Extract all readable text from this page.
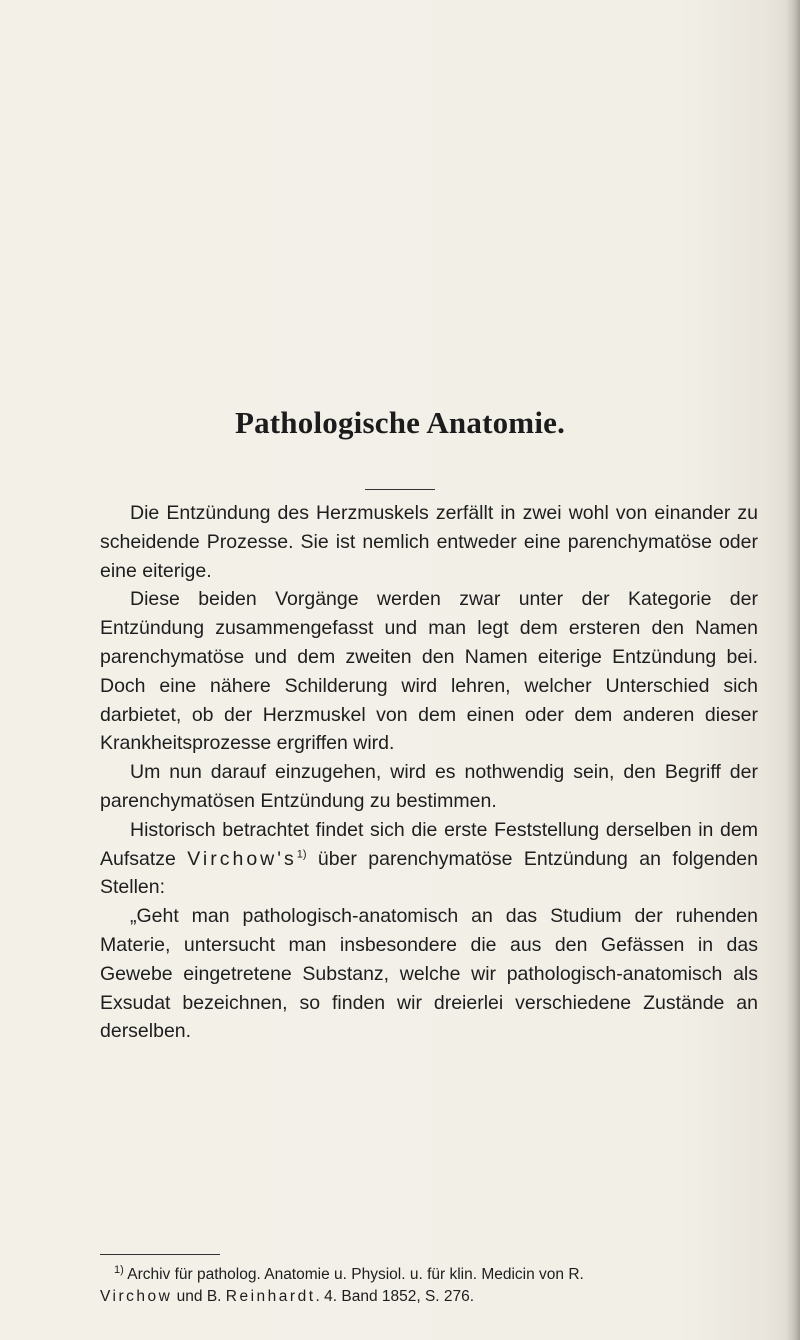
Pathologische Anatomie.

Die Entzündung des Herzmuskels zerfällt in zwei wohl von einander zu scheidende Prozesse. Sie ist nemlich entweder eine parenchymatöse oder eine eiterige.

Diese beiden Vorgänge werden zwar unter der Kategorie der Entzündung zusammengefasst und man legt dem ersteren den Namen parenchymatöse und dem zweiten den Namen eiterige Entzündung bei. Doch eine nähere Schilderung wird lehren, welcher Unterschied sich darbietet, ob der Herzmuskel von dem einen oder dem anderen dieser Krankheitsprozesse ergriffen wird.

Um nun darauf einzugehen, wird es nothwendig sein, den Begriff der parenchymatösen Entzündung zu bestimmen.

Historisch betrachtet findet sich die erste Feststellung derselben in dem Aufsatze $Virchow's^{1)}$ über parenchymatöse Entzündung an folgenden Stellen:

„Geht man pathologisch-anatomisch an das Studium der ruhenden Materie, untersucht man insbesondere die aus den Gefässen in das Gewebe eingetretene Substanz, welche wir pathologisch-anatomisch als Exsudat bezeichnen, so finden wir dreierlei verschiedene Zustände an derselben.

$^{1)}$ Archiv für patholog. Anatomie u. Physiol. u. für klin. Medicin von R.
Virchow und B. Reinhardt. 4. Band 1852, S. 276.
